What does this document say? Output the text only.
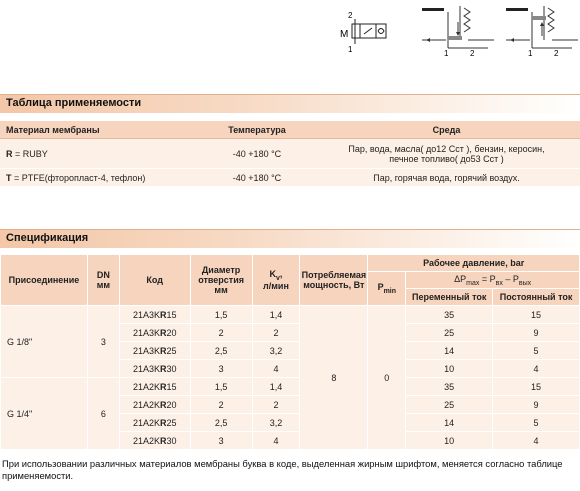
2
M
1	1	2	1	2
Таблица применяемости
Материал мембраны	Температура	Среда
R = RUBY	-40 +180 °C	Пар, вода, масла( до12 Сст ), бензин, керосин,
печное топливо( до53 Сст )
T = PTFE(фторопласт-4, тефлон)	-40 +180 °C	Пар, горячая вода, горячий воздух.
Спецификация
Присоединение	DN
мм	Код	Диаметр
отверстия
мм	$K_v$,
л/мин	Потребляемая
мощность, Вт	Рабочее давление, bar		
						$P_{min}$	$\Delta P_{max} = P_{вх} - P_{вых}$
							Переменный ток	Постоянный ток
G 1/8"	3	21A3KR15	1,5	1,4	8	0	35	15
		21A3KR20	2	2			25	9
		21A3KR25	2,5	3,2			14	5
		21A3KR30	3	4			10	4
G 1/4"	6	21A2KR15	1,5	1,4			35	15
		21A2KR20	2	2			25	9
		21A2KR25	2,5	3,2			14	5
		21A2KR30	3	4			10	4
При использовании различных материалов мембраны буква в коде, выделенная жирным шрифтом, меняется согласно таблице применяемости.
